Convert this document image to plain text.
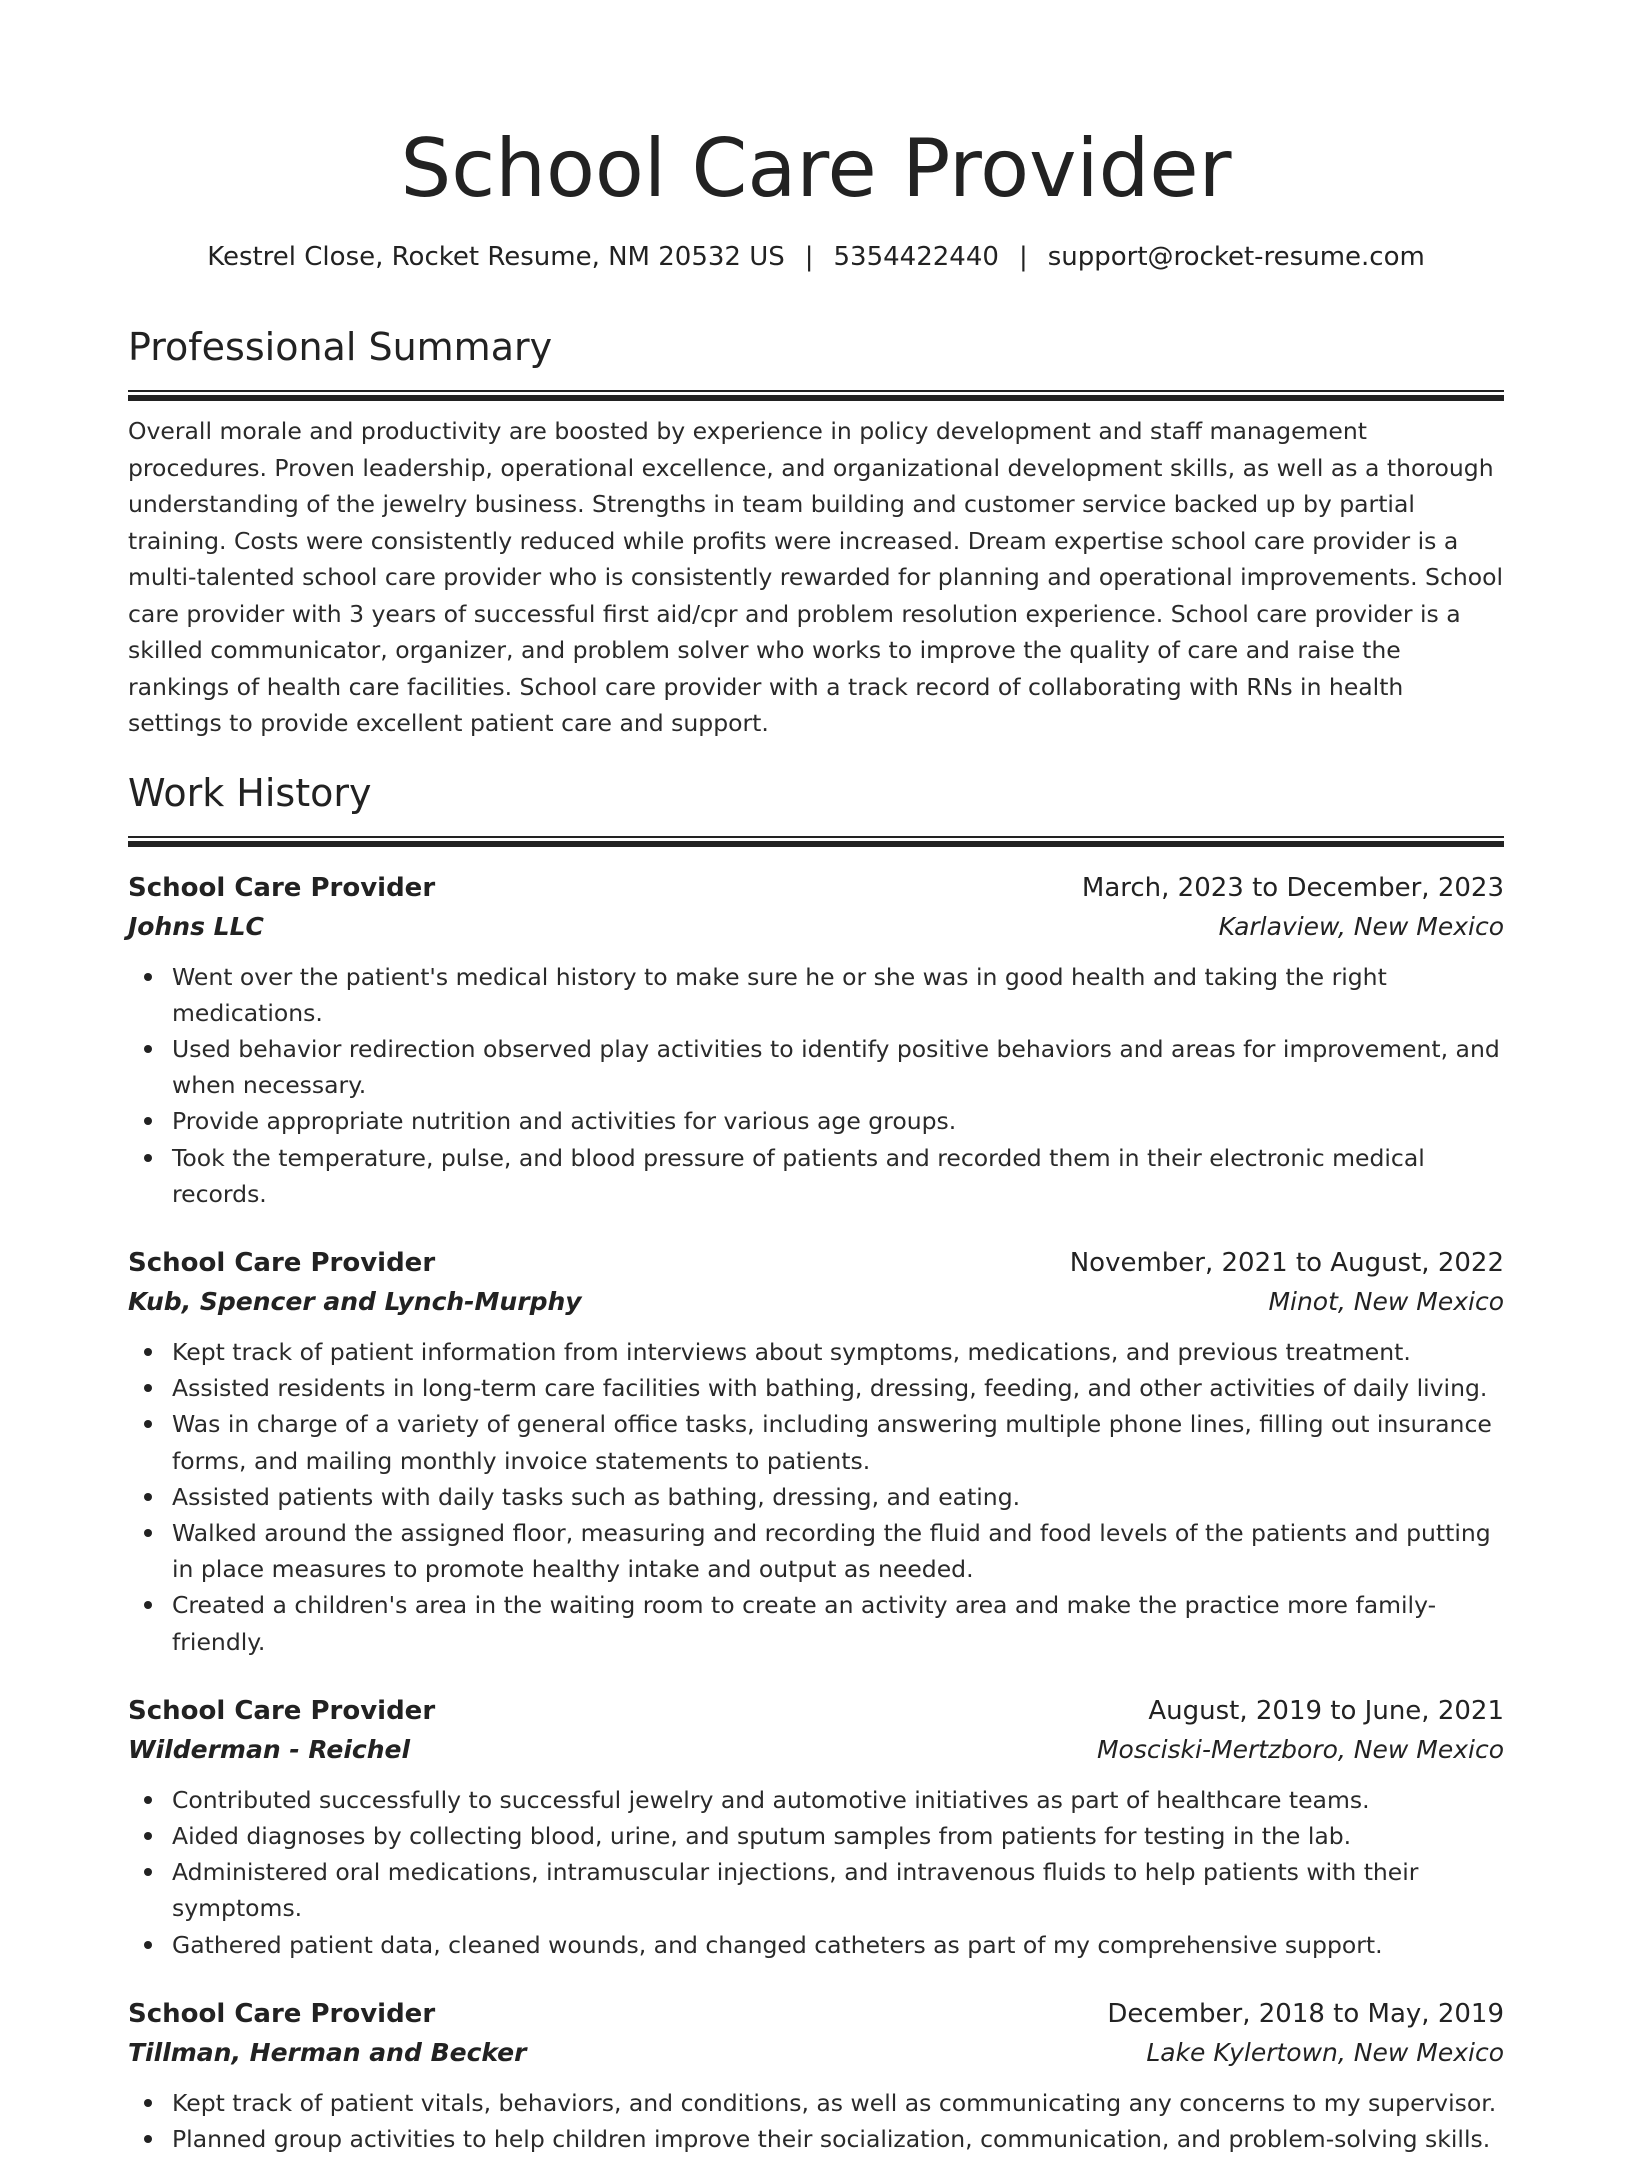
School Care Provider
Kestrel Close, Rocket Resume, NM 20532 US | 5354422440 | support@rocket-resume.com
Professional Summary

Overall morale and productivity are boosted by experience in policy development and staff management procedures. Proven leadership, operational excellence, and organizational development skills, as well as a thorough understanding of the jewelry business. Strengths in team building and customer service backed up by partial training. Costs were consistently reduced while profits were increased. Dream expertise school care provider is a multi-talented school care provider who is consistently rewarded for planning and operational improvements. School care provider with 3 years of successful first aid/cpr and problem resolution experience. School care provider is a skilled communicator, organizer, and problem solver who works to improve the quality of care and raise the rankings of health care facilities. School care provider with a track record of collaborating with RNs in health settings to provide excellent patient care and support.

Work History
School Care Provider	March, 2023 to December, 2023
Johns LLC	Karlaview, New Mexico
Went over the patient's medical history to make sure he or she was in good health and taking the right medications.
Used behavior redirection observed play activities to identify positive behaviors and areas for improvement, and when necessary.
Provide appropriate nutrition and activities for various age groups.
Took the temperature, pulse, and blood pressure of patients and recorded them in their electronic medical records.
School Care Provider	November, 2021 to August, 2022
Kub, Spencer and Lynch-Murphy	Minot, New Mexico
Kept track of patient information from interviews about symptoms, medications, and previous treatment.
Assisted residents in long-term care facilities with bathing, dressing, feeding, and other activities of daily living.
Was in charge of a variety of general office tasks, including answering multiple phone lines, filling out insurance forms, and mailing monthly invoice statements to patients.
Assisted patients with daily tasks such as bathing, dressing, and eating.
Walked around the assigned floor, measuring and recording the fluid and food levels of the patients and putting in place measures to promote healthy intake and output as needed.
Created a children's area in the waiting room to create an activity area and make the practice more family-friendly.
School Care Provider	August, 2019 to June, 2021
Wilderman - Reichel	Mosciski-Mertzboro, New Mexico
Contributed successfully to successful jewelry and automotive initiatives as part of healthcare teams.
Aided diagnoses by collecting blood, urine, and sputum samples from patients for testing in the lab.
Administered oral medications, intramuscular injections, and intravenous fluids to help patients with their symptoms.
Gathered patient data, cleaned wounds, and changed catheters as part of my comprehensive support.
School Care Provider	December, 2018 to May, 2019
Tillman, Herman and Becker	Lake Kylertown, New Mexico
Kept track of patient vitals, behaviors, and conditions, as well as communicating any concerns to my supervisor.
Planned group activities to help children improve their socialization, communication, and problem-solving skills.
